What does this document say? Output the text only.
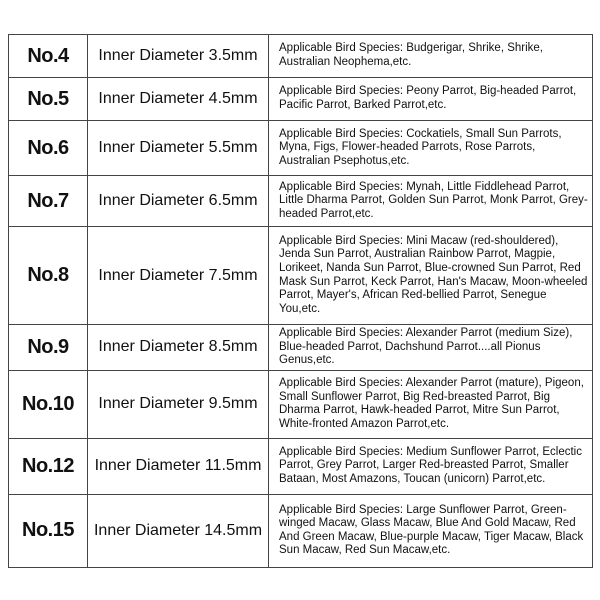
No.4	Inner Diameter 3.5mm	Applicable Bird Species: Budgerigar, Shrike, Shrike, Australian Neophema,etc.
No.5	Inner Diameter 4.5mm	Applicable Bird Species: Peony Parrot, Big-headed Parrot, Pacific Parrot, Barked Parrot,etc.
No.6	Inner Diameter 5.5mm	Applicable Bird Species: Cockatiels, Small Sun Parrots, Myna, Figs, Flower-headed Parrots, Rose Parrots, Australian Psephotus,etc.
No.7	Inner Diameter 6.5mm	Applicable Bird Species: Mynah, Little Fiddlehead Parrot, Little Dharma Parrot, Golden Sun Parrot, Monk Parrot, Grey-headed Parrot,etc.
No.8	Inner Diameter 7.5mm	Applicable Bird Species: Mini Macaw (red-shouldered), Jenda Sun Parrot, Australian Rainbow Parrot, Magpie, Lorikeet, Nanda Sun Parrot, Blue-crowned Sun Parrot, Red Mask Sun Parrot, Keck Parrot, Han's Macaw, Moon-wheeled Parrot, Mayer's, African Red-bellied Parrot, Senegue You,etc.
No.9	Inner Diameter 8.5mm	Applicable Bird Species: Alexander Parrot (medium Size), Blue-headed Parrot, Dachshund Parrot....all Pionus Genus,etc.
No.10	Inner Diameter 9.5mm	Applicable Bird Species: Alexander Parrot (mature), Pigeon, Small Sunflower Parrot, Big Red-breasted Parrot, Big Dharma Parrot, Hawk-headed Parrot, Mitre Sun Parrot, White-fronted Amazon Parrot,etc.
No.12	Inner Diameter 11.5mm	Applicable Bird Species: Medium Sunflower Parrot, Eclectic Parrot, Grey Parrot, Larger Red-breasted Parrot, Smaller Bataan, Most Amazons, Toucan (unicorn) Parrot,etc.
No.15	Inner Diameter 14.5mm	Applicable Bird Species: Large Sunflower Parrot, Green-winged Macaw, Glass Macaw, Blue And Gold Macaw, Red And Green Macaw, Blue-purple Macaw, Tiger Macaw, Black Sun Macaw, Red Sun Macaw,etc.
